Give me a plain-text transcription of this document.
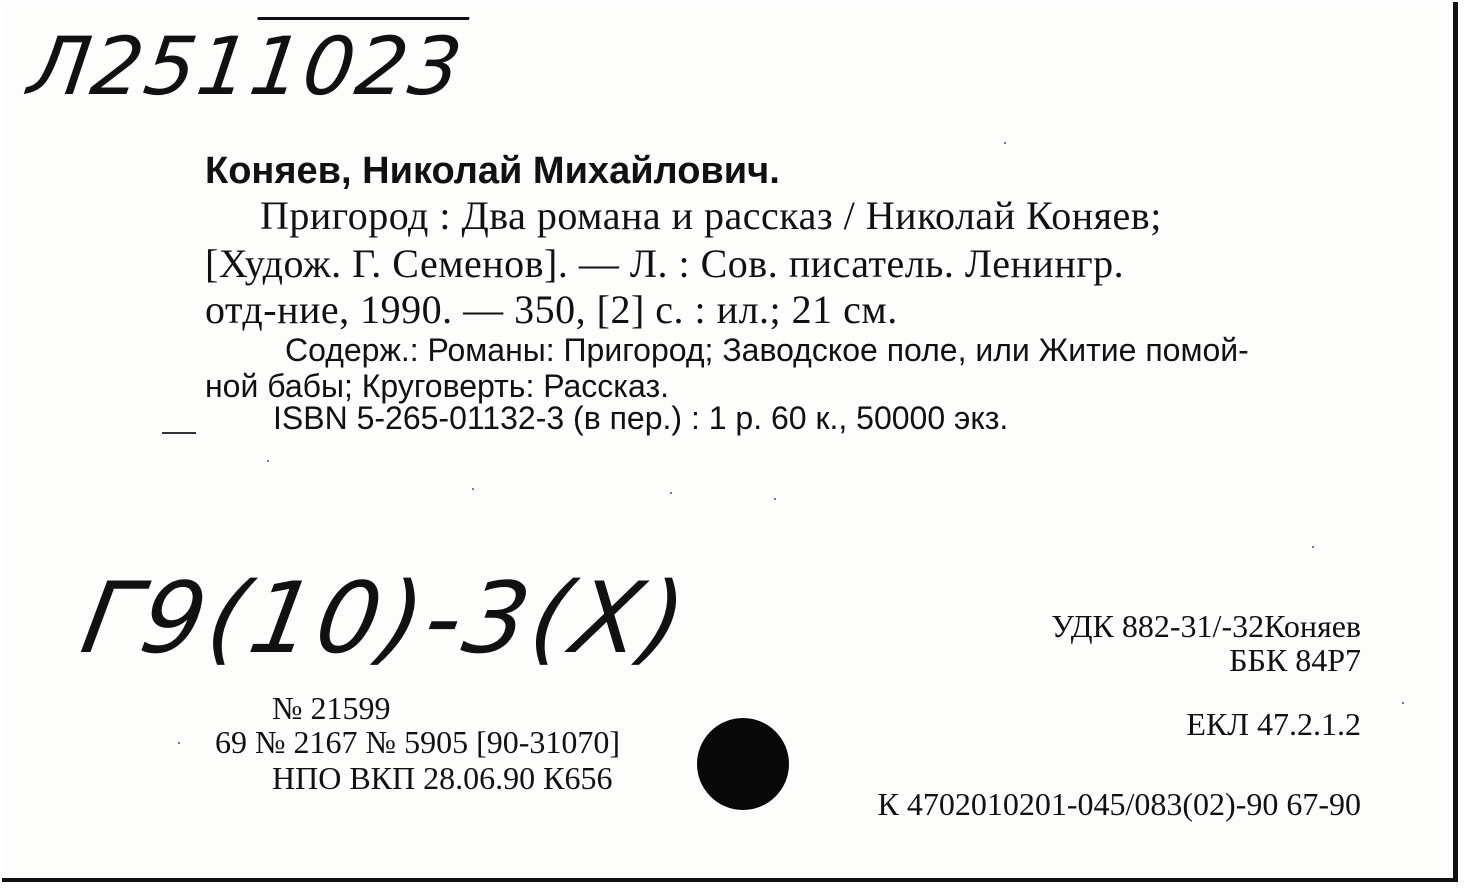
Л2511023
Коняев, Николай Михайлович.
Пригород : Два романа и рассказ / Николай Коняев;
[Худож. Г. Семенов]. — Л. : Сов. писатель. Ленингр.
отд-ние, 1990. — 350, [2] с. : ил.; 21 см.
Содерж.: Романы: Пригород; Заводское поле, или Житие помой-
ной бабы; Круговерть: Рассказ.
ISBN 5-265-01132-3 (в пер.) : 1 р. 60 к., 50000 экз.
Г9(10)-3(Х)
№ 21599
69 № 2167 № 5905 [90-31070]
НПО ВКП 28.06.90 К656
УДК 882-31/-32Коняев
ББК 84Р7
ЕКЛ 47.2.1.2
К 4702010201-045/083(02)-90 67-90
